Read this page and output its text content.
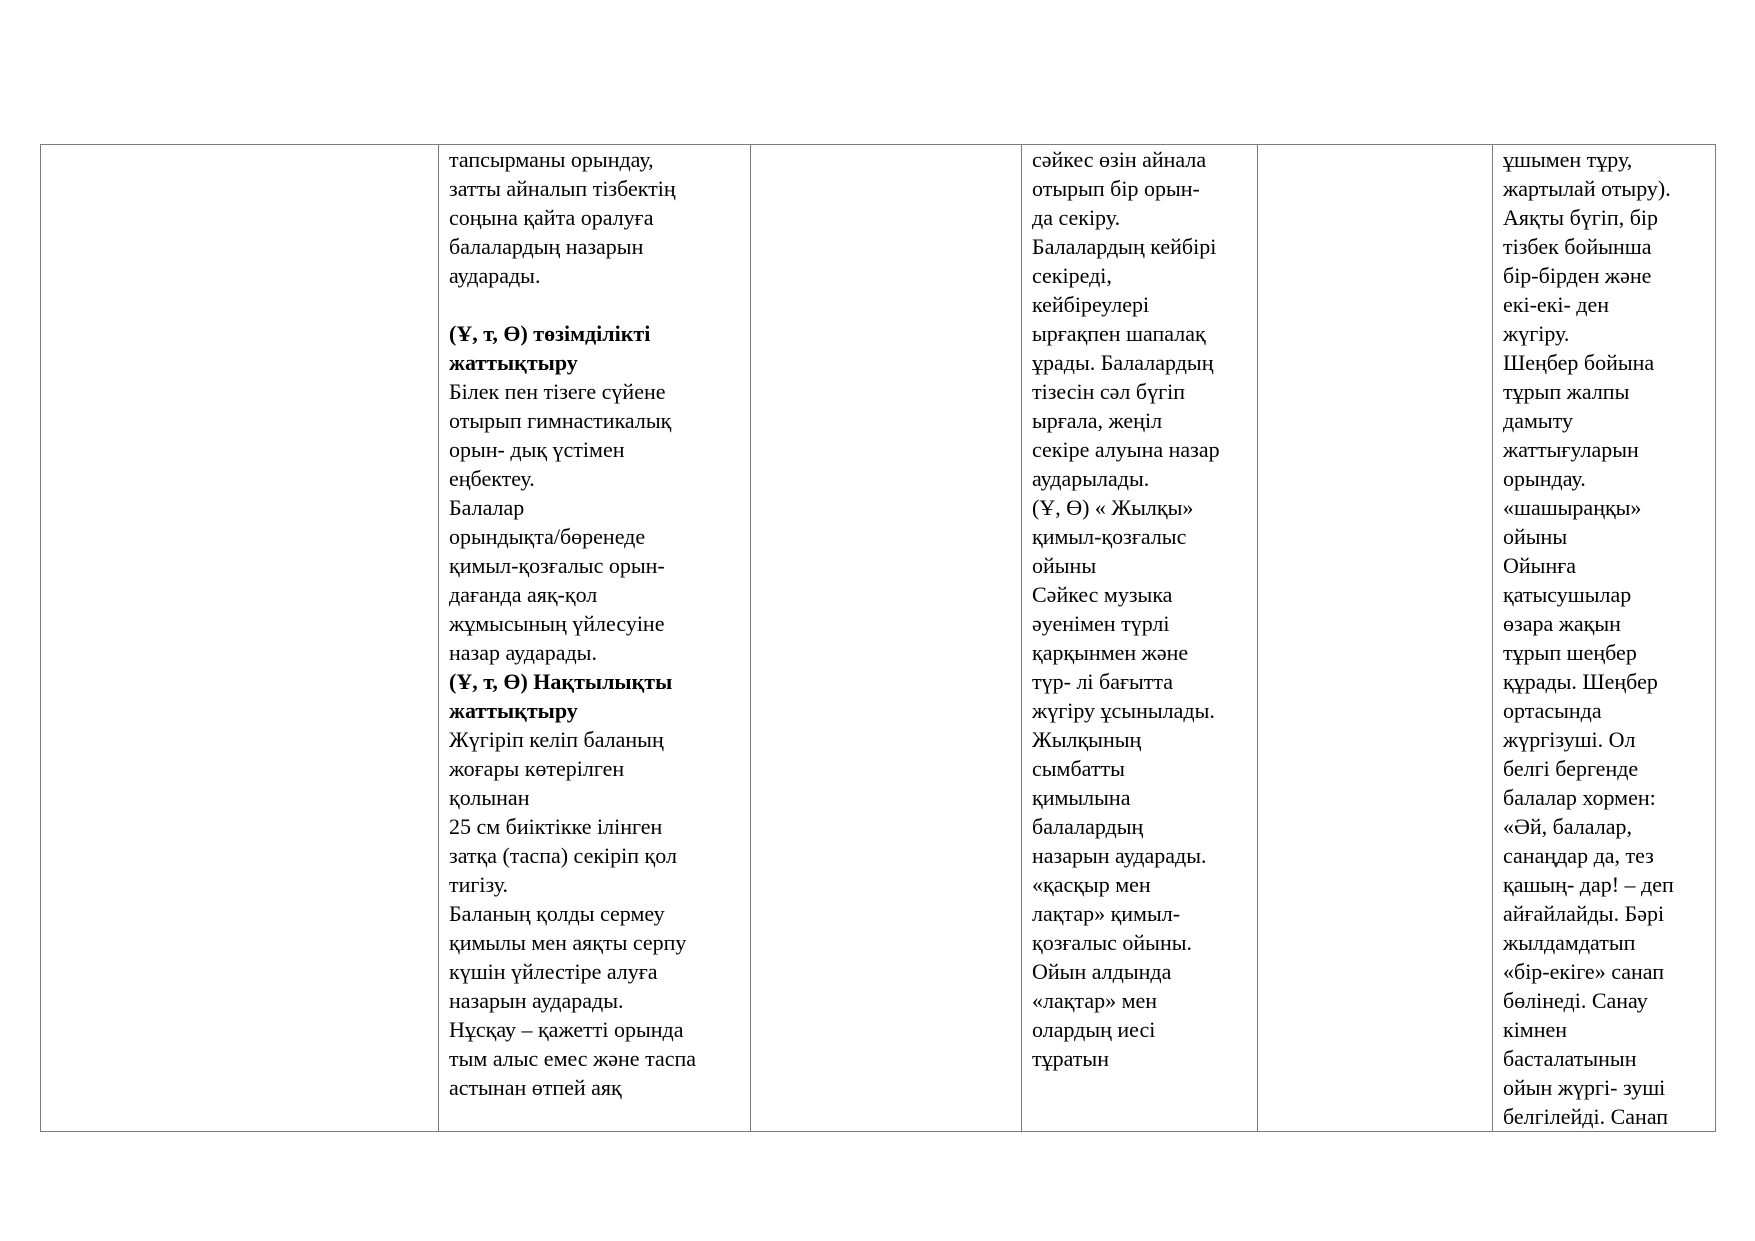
тапсырманы орындау,
затты айналып тізбектің
соңына қайта оралуға
балалардың назарын
аударады.
(Ұ, т, Ө) төзімділікті
жаттықтыру
Білек пен тізеге сүйене
отырып гимнастикалық
орын- дық үстімен
еңбектеу.
Балалар
орындықта/бөренеде
қимыл-қозғалыс орын-
дағанда аяқ-қол
жұмысының үйлесуіне
назар аударады.
(Ұ, т, Ө) Нақтылықты
жаттықтыру
Жүгіріп келіп баланың
жоғары көтерілген
қолынан
25 см биіктікке ілінген
затқа (таспа) секіріп қол
тигізу.
Баланың қолды сермеу
қимылы мен аяқты серпу
күшін үйлестіре алуға
назарын аударады.
Нұсқау – қажетті орында
тым алыс емес және таспа
астынан өтпей аяқ

сәйкес өзін айнала
отырып бір орын-
да секіру.
Балалардың кейбірі
секіреді,
кейбіреулері
ырғақпен шапалақ
ұрады. Балалардың
тізесін сәл бүгіп
ырғала, жеңіл
секіре алуына назар
аударылады.
(Ұ, Ө) « Жылқы»
қимыл-қозғалыс
ойыны
Сәйкес музыка
әуенімен түрлі
қарқынмен және
түр- лі бағытта
жүгіру ұсынылады.
Жылқының
сымбатты
қимылына
балалардың
назарын аударады.
«қасқыр мен
лақтар» қимыл-
қозғалыс ойыны.
Ойын алдында
«лақтар» мен
олардың иесі
тұратын

ұшымен тұру,
жартылай отыру).
Аяқты бүгіп, бір
тізбек бойынша
бір-бірден және
екі-екі- ден
жүгіру.
Шеңбер бойына
тұрып жалпы
дамыту
жаттығуларын
орындау.
«шашыраңқы»
ойыны
Ойынға
қатысушылар
өзара жақын
тұрып шеңбер
құрады. Шеңбер
ортасында
жүргізуші. Ол
белгі бергенде
балалар хормен:
«Әй, балалар,
санаңдар да, тез
қашың- дар! – деп
айғайлайды. Бәрі
жылдамдатып
«бір-екіге» санап
бөлінеді. Санау
кімнен
басталатынын
ойын жүргі- зуші
белгілейді. Санап
